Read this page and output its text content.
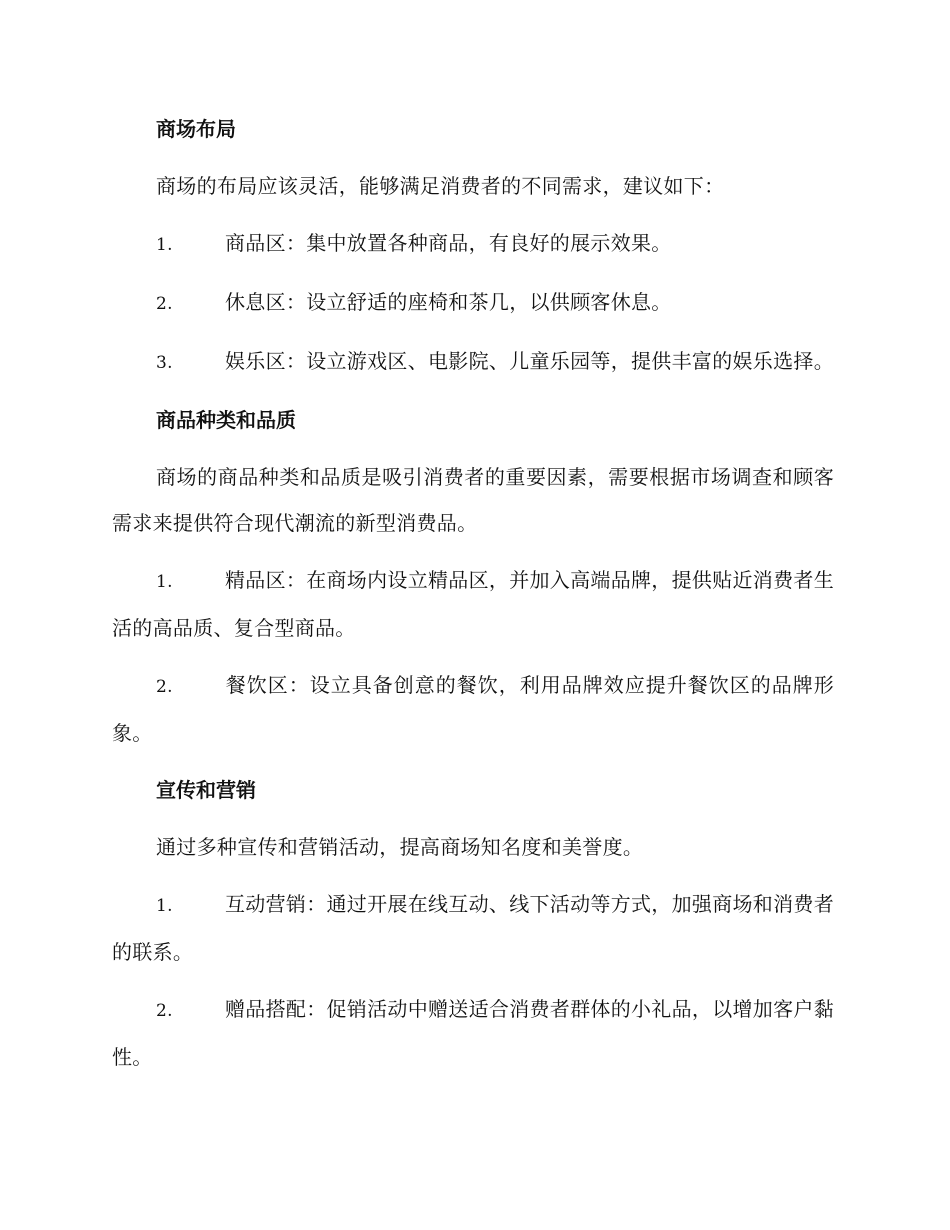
商场布局
商场的布局应该灵活，能够满足消费者的不同需求，建议如下：
1.	商品区：集中放置各种商品，有良好的展示效果。
2.	休息区：设立舒适的座椅和茶几，以供顾客休息。
3.	娱乐区：设立游戏区、电影院、儿童乐园等，提供丰富的娱乐选择。
商品种类和品质
商场的商品种类和品质是吸引消费者的重要因素，需要根据市场调查和顾客需求来提供符合现代潮流的新型消费品。
1.	精品区：在商场内设立精品区，并加入高端品牌，提供贴近消费者生活的高品质、复合型商品。
2.	餐饮区：设立具备创意的餐饮，利用品牌效应提升餐饮区的品牌形象。
宣传和营销
通过多种宣传和营销活动，提高商场知名度和美誉度。
1.	互动营销：通过开展在线互动、线下活动等方式，加强商场和消费者的联系。
2.	赠品搭配：促销活动中赠送适合消费者群体的小礼品，以增加客户黏性。
